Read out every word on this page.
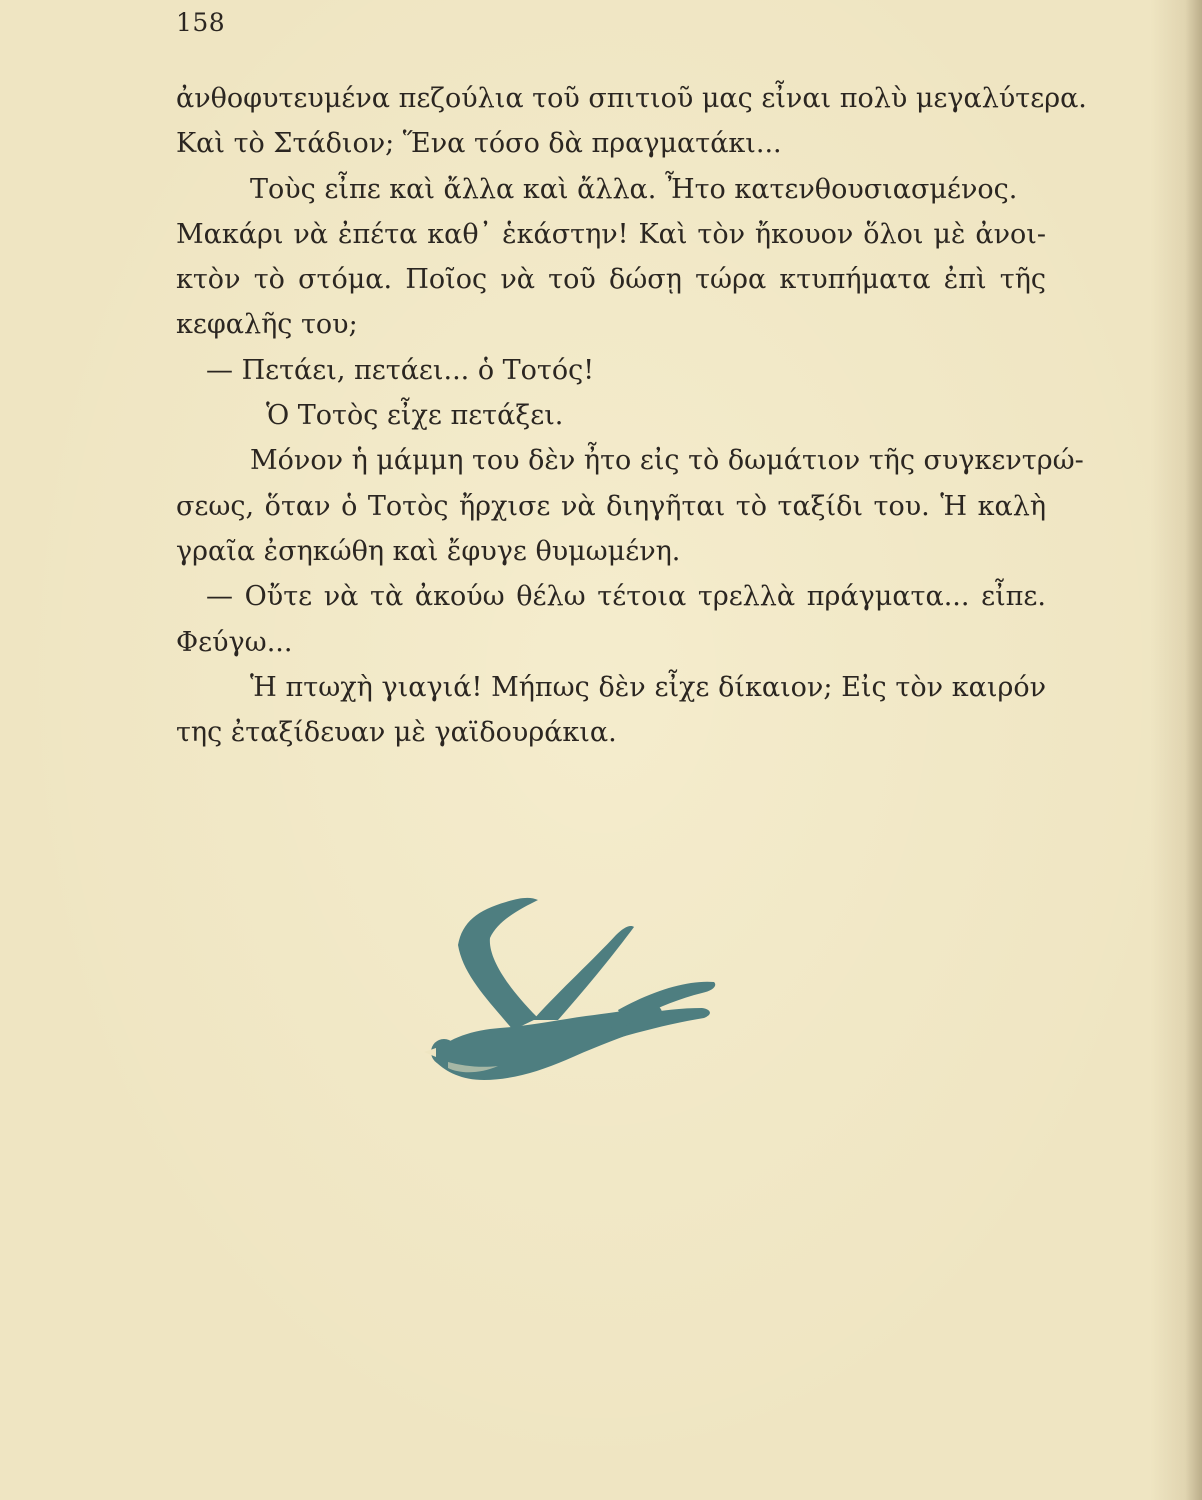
158
ἀνθοφυτευμένα πεζούλια τοῦ σπιτιοῦ μας εἶναι πολὺ μεγαλύτερα.
Καὶ τὸ Στάδιον; Ἕνα τόσο δὰ πραγματάκι...
Τοὺς εἶπε καὶ ἄλλα καὶ ἄλλα. Ἦτο κατενθουσιασμένος.
Μακάρι νὰ ἐπέτα καθ᾽ ἑκάστην! Καὶ τὸν ἤκουον ὅλοι μὲ ἀνοι-
κτὸν τὸ στόμα. Ποῖος νὰ τοῦ δώσῃ τώρα κτυπήματα ἐπὶ τῆς
κεφαλῆς του;
— Πετάει, πετάει... ὁ Τοτός!
Ὁ Τοτὸς εἶχε πετάξει.
Μόνον ἡ μάμμη του δὲν ἦτο εἰς τὸ δωμάτιον τῆς συγκεντρώ-
σεως, ὅταν ὁ Τοτὸς ἤρχισε νὰ διηγῆται τὸ ταξίδι του. Ἡ καλὴ
γραῖα ἐσηκώθη καὶ ἔφυγε θυμωμένη.
— Οὔτε νὰ τὰ ἀκούω θέλω τέτοια τρελλὰ πράγματα... εἶπε.
Φεύγω...
Ἡ πτωχὴ γιαγιά! Μήπως δὲν εἶχε δίκαιον; Εἰς τὸν καιρόν
της ἐταξίδευαν μὲ γαϊδουράκια.
